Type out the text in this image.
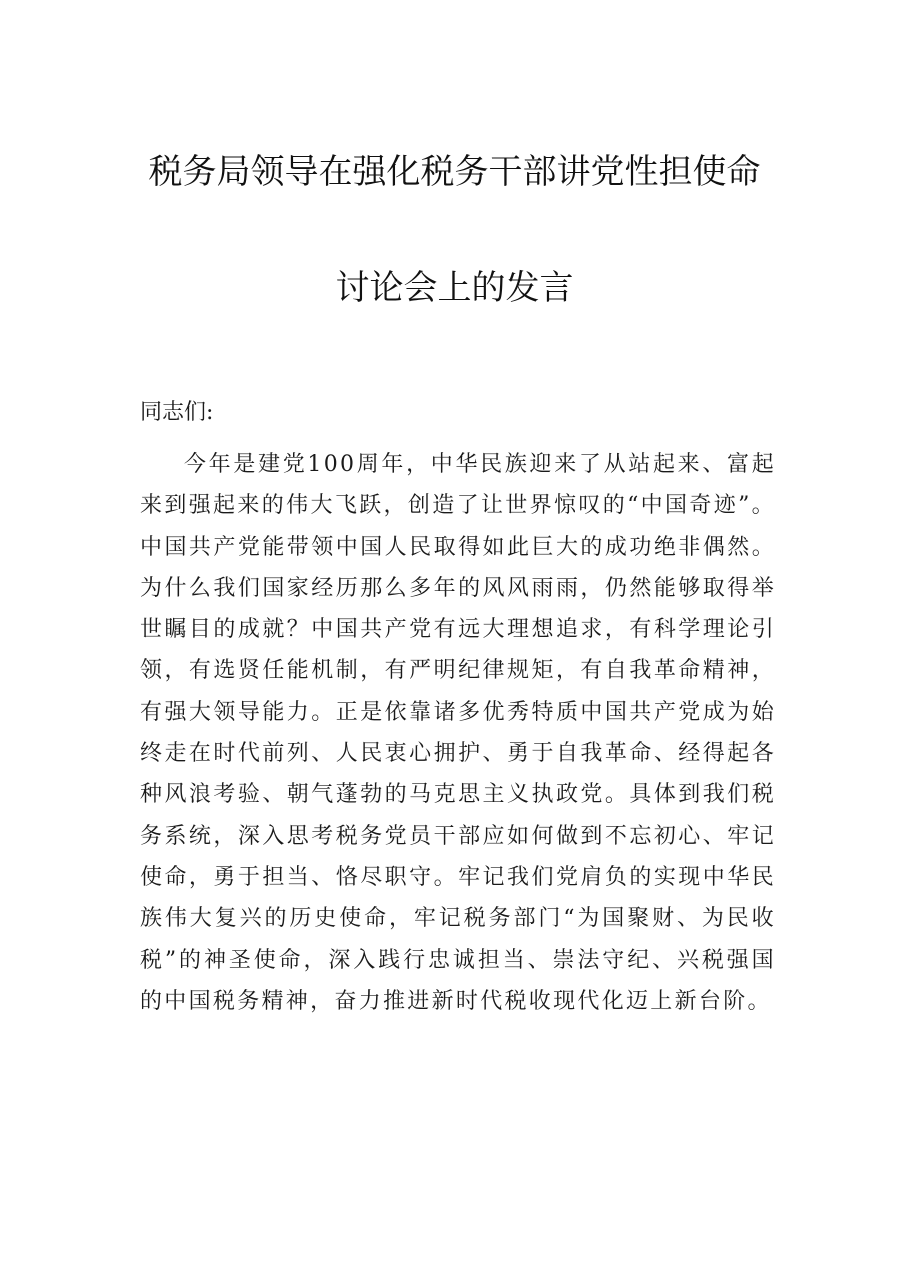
税务局领导在强化税务干部讲党性担使命
讨论会上的发言
同志们:

今年是建党100周年，中华民族迎来了从站起来、富起来到强起来的伟大飞跃，创造了让世界惊叹的“中国奇迹”。中国共产党能带领中国人民取得如此巨大的成功绝非偶然。为什么我们国家经历那么多年的风风雨雨，仍然能够取得举世瞩目的成就？中国共产党有远大理想追求，有科学理论引领，有选贤任能机制，有严明纪律规矩，有自我革命精神，有强大领导能力。正是依靠诸多优秀特质中国共产党成为始终走在时代前列、人民衷心拥护、勇于自我革命、经得起各种风浪考验、朝气蓬勃的马克思主义执政党。具体到我们税务系统，深入思考税务党员干部应如何做到不忘初心、牢记使命，勇于担当、恪尽职守。牢记我们党肩负的实现中华民族伟大复兴的历史使命，牢记税务部门“为国聚财、为民收税”的神圣使命，深入践行忠诚担当、崇法守纪、兴税强国的中国税务精神，奋力推进新时代税收现代化迈上新台阶。
